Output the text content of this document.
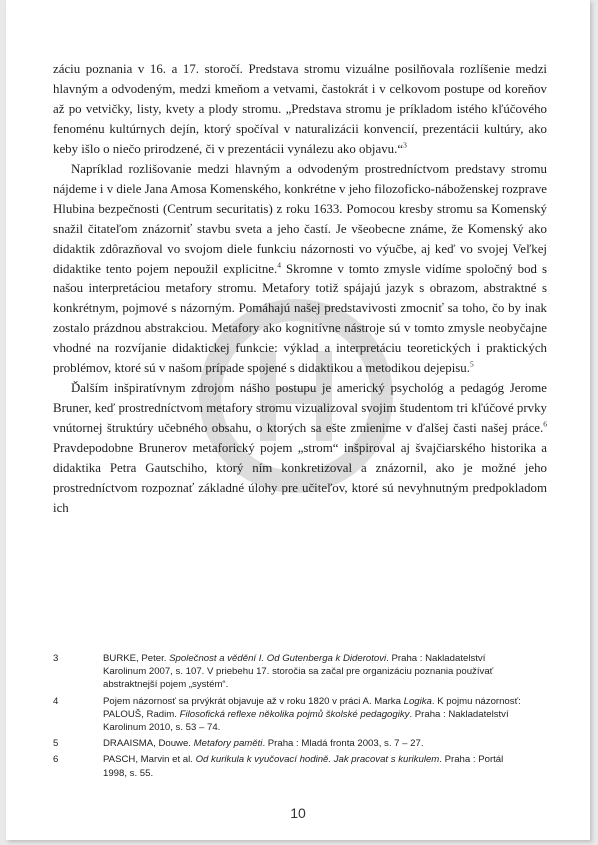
záciu poznania v 16. a 17. storočí. Predstava stromu vizuálne posilňovala rozlíšenie medzi hlavným a odvodeným, medzi kmeňom a vetvami, častokrát i v celkovom postupe od koreňov až po vetvičky, listy, kvety a plody stromu. „Predstava stromu je príkladom istého kľúčového fenoménu kultúrnych dejín, ktorý spočíval v naturalizácii konvencií, prezentácii kultúry, ako keby išlo o niečo prirodzené, či v prezentácii vynálezu ako objavu.“$^3$

Napríklad rozlišovanie medzi hlavným a odvodeným prostredníctvom predstavy stromu nájdeme i v diele Jana Amosa Komenského, konkrétne v jeho filozoficko-náboženskej rozprave Hlubina bezpečnosti (Centrum securitatis) z roku 1633. Pomocou kresby stromu sa Komenský snažil čitateľom znázorniť stavbu sveta a jeho častí. Je všeobecne známe, že Komenský ako didaktik zdôrazňoval vo svojom diele funkciu názornosti vo výučbe, aj keď vo svojej Veľkej didaktike tento pojem nepoužil explicitne.$^4$ Skromne v tomto zmysle vidíme spoločný bod s našou interpretáciou metafory stromu. Metafory totiž spájajú jazyk s obrazom, abstraktné s konkrétnym, pojmové s názorným. Pomáhajú našej predstavivosti zmocniť sa toho, čo by inak zostalo prázdnou abstrakciou. Metafory ako kognitívne nástroje sú v tomto zmysle neobyčajne vhodné na rozvíjanie didaktickej funkcie: výklad a interpretáciu teoretických i praktických problémov, ktoré sú v našom prípade spojené s didaktikou a metodikou dejepisu.$^5$

Ďalším inšpiratívnym zdrojom nášho postupu je americký psychológ a pedagóg Jerome Bruner, keď prostredníctvom metafory stromu vizualizoval svojim študentom tri kľúčové prvky vnútornej štruktúry učebného obsahu, o ktorých sa ešte zmienime v ďalšej časti našej práce.$^6$ Pravdepodobne Brunerov metaforický pojem „strom“ inšpiroval aj švajčiarského historika a didaktika Petra Gautschiho, ktorý ním konkretizoval a znázornil, ako je možné jeho prostredníctvom rozpoznať základné úlohy pre učiteľov, ktoré sú nevyhnutným predpokladom ich

3	BURKE, Peter. Společnost a vědění I. Od Gutenberga k Diderotovi. Praha : Nakladatelství Karolinum 2007, s. 107. V priebehu 17. storočia sa začal pre organizáciu poznania používať abstraktnejší pojem „systém“.
4	Pojem názornosť sa prvýkrát objavuje až v roku 1820 v práci A. Marka Logika. K pojmu názornosť: PALOUŠ, Radim. Filosofická reflexe několika pojmů školské pedagogiky. Praha : Nakladatelství Karolinum 2010, s. 53 – 74.
5	DRAAISMA, Douwe. Metafory paměti. Praha : Mladá fronta 2003, s. 7 – 27.
6	PASCH, Marvin et al. Od kurikula k vyučovací hodině. Jak pracovat s kurikulem. Praha : Portál 1998, s. 55.
10
